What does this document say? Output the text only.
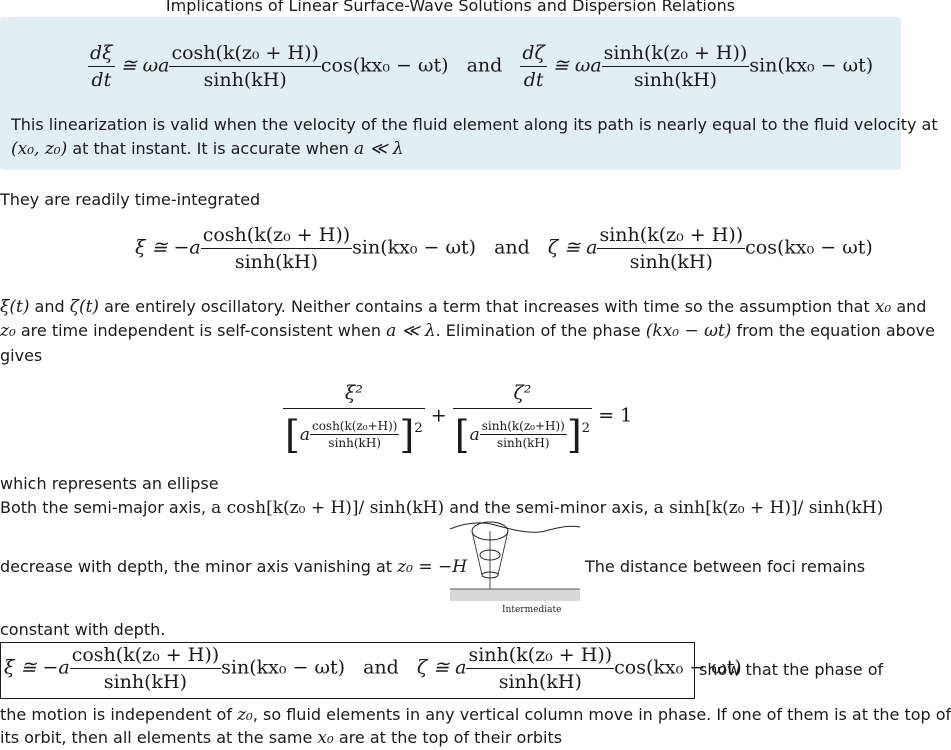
Implications of Linear Surface-Wave Solutions and Dispersion Relations
$\frac{d\xi}{dt}$ ≅ ωa $\frac{\text{cosh(k(z₀ + H))}}{\sinh(kH)} \cos(kx_0 - \omega t)$ and $\frac{d\zeta}{dt}$ ≅ ωa $\frac{\text{sinh(k(z₀ + H))}}{\sinh(kH)} \sin(kx_0 - \omega t)$
This linearization is valid when the velocity of the fluid element along its path is nearly equal to the fluid velocity at
(x₀, z₀) at that instant. It is accurate when a ≪ λ
They are readily time-integrated
ξ ≅ $-a \frac{\text{cosh(k(z₀ + H))}}{\sinh(kH)} \sin(kx_0 - \omega t)$ and ζ ≅ a $\frac{\text{sinh(k(z₀ + H))}}{\sinh(kH)} \cos(kx_0 - \omega t)$
ξ(t) and ζ(t) are entirely oscillatory. Neither contains a term that increases with time so the assumption that x₀ and
z₀ are time independent is self-consistent when a ≪ λ. Elimination of the phase (kx₀ − ωt) from the equation above
gives
$\frac{\text{ξ²}}{[a \frac{\text{cosh(k(z₀+H))}}{\sinh(kH)} ]^2} + \frac{\text{ζ²}}{[a \frac{\text{sinh(k(z₀+H))}}{\sinh(kH)} ]^2} = 1$
which represents an ellipse
Both the semi-major axis, a cosh[k(z₀ + H)]/ sinh(kH) and the semi-minor axis, a sinh[k(z₀ + H)]/ sinh(kH)
decrease with depth, the minor axis vanishing at z₀ = −H	The distance between foci remains
Intermediate
constant with depth.
ξ ≅ $-a \frac{\text{cosh(k(z₀ + H))}}{\sinh(kH)} \sin(kx_0 - \omega t)$ and ζ ≅ a $\frac{\text{sinh(k(z₀ + H))}}{\sinh(kH)} \cos(kx_0 - \omega t)$
show that the phase of
the motion is independent of z₀, so fluid elements in any vertical column move in phase. If one of them is at the top of
its orbit, then all elements at the same x₀ are at the top of their orbits
